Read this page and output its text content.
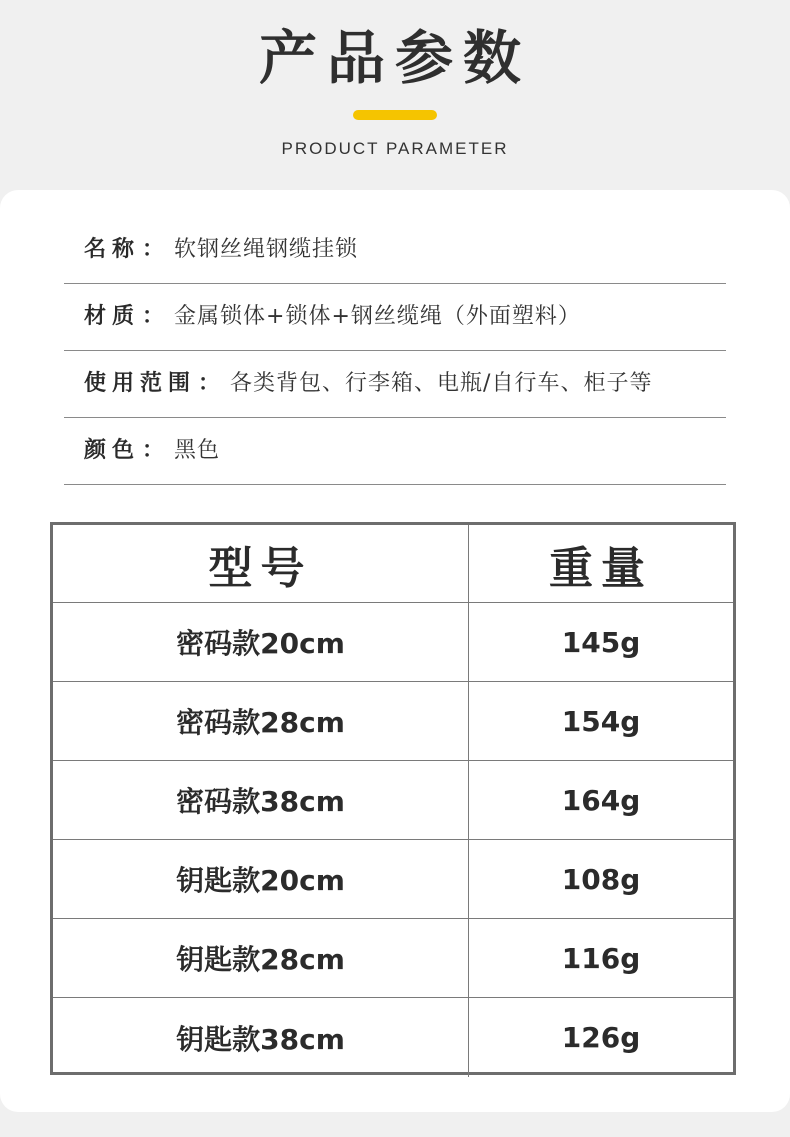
产品参数
PRODUCT PARAMETER
名称 ： 软钢丝绳钢缆挂锁
材质 ： 金属锁体+锁体+钢丝缆绳（外面塑料）
使用范围 ： 各类背包、行李箱、电瓶/自行车、柜子等
颜色 ： 黑色
型号	重量
密码款20cm	145g
密码款28cm	154g
密码款38cm	164g
钥匙款20cm	108g
钥匙款28cm	116g
钥匙款38cm	126g
